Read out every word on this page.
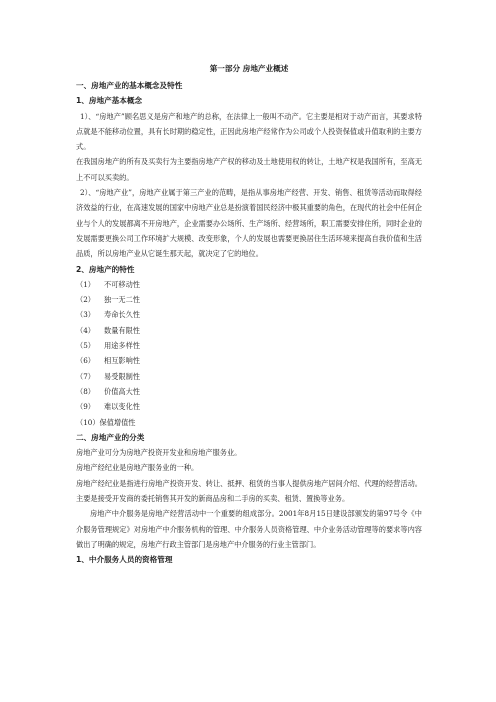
第一部分 房地产业概述
一、房地产业的基本概念及特性
1、房地产基本概念

1）、“房地产”顾名思义是房产和地产的总称，在法律上一般叫不动产。它主要是相对于动产而言，其要求特点就是不能移动位置，具有长时期的稳定性，正因此房地产经常作为公司或个人投资保值或升值取利的主要方式。

在我国房地产的所有及买卖行为主要指房地产产权的移动及土地使用权的转让，土地产权是我国所有，至高无上不可以买卖的。

2）、“房地产业”，房地产业属于第三产业的范畴，是指从事房地产经营、开发、销售、租赁等活动而取得经济效益的行业，在高速发展的国家中房地产业总是扮演着国民经济中极其重要的角色，在现代的社会中任何企业与个人的发展都离不开房地产，企业需要办公场所、生产场所、经营场所，职工需要安排住所，同时企业的发展需要更换公司工作环境扩大规模、改变形象，个人的发展也需要更换居住生活环境来提高自我价值和生活品质，所以房地产业从它诞生那天起，就决定了它的地位。

2、房地产的特性

（1） 不可移动性

（2） 独一无二性

（3） 寿命长久性

（4） 数量有限性

（5） 用途多样性

（6） 相互影响性

（7） 易受限制性

（8） 价值高大性

（9） 难以变化性

（10）保值增值性

二、房地产业的分类

房地产业可分为房地产投资开发业和房地产服务业。

房地产经纪业是房地产服务业的一种。

房地产经纪业是指进行房地产投资开发、转让、抵押、租赁的当事人提供房地产居间介绍、代理的经营活动。主要是接受开发商的委托销售其开发的新商品房和二手房的买卖、租赁、置换等业务。

房地产中介服务是房地产经营活动中一个重要的组成部分。2001年8月15日建设部颁发的第97号令《中介服务管理规定》对房地产中介服务机构的管理、中介服务人员资格管理、中介业务活动管理等的要求等内容做出了明确的规定，房地产行政主管部门是房地产中介服务的行业主管部门。

1、中介服务人员的资格管理
